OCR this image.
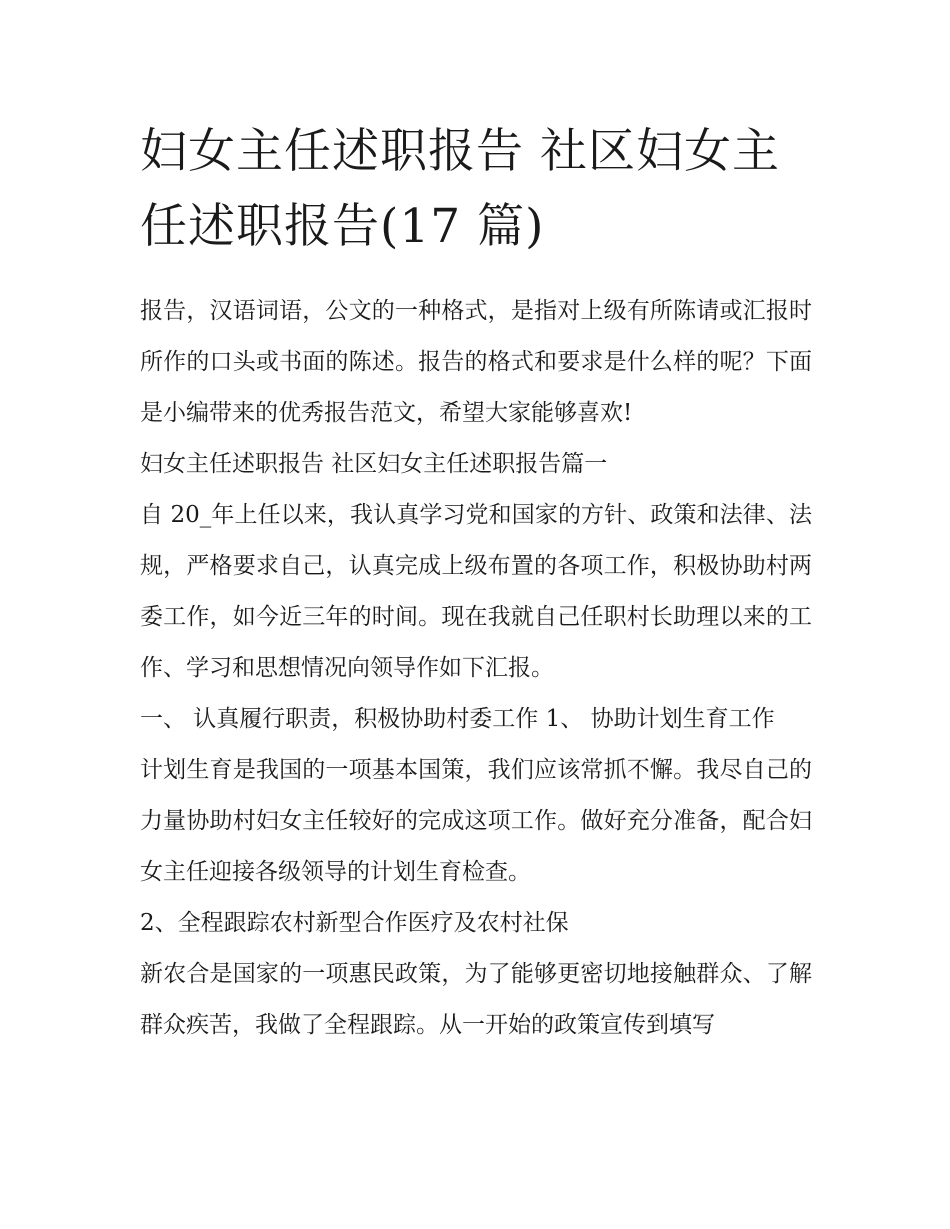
妇女主任述职报告 社区妇女主任述职报告(17 篇)

报告，汉语词语，公文的一种格式，是指对上级有所陈请或汇报时所作的口头或书面的陈述。报告的格式和要求是什么样的呢？下面是小编带来的优秀报告范文，希望大家能够喜欢!

妇女主任述职报告 社区妇女主任述职报告篇一

自 20_年上任以来，我认真学习党和国家的方针、政策和法律、法规，严格要求自己，认真完成上级布置的各项工作，积极协助村两委工作，如今近三年的时间。现在我就自己任职村长助理以来的工作、学习和思想情况向领导作如下汇报。

一、 认真履行职责，积极协助村委工作 1、 协助计划生育工作

计划生育是我国的一项基本国策，我们应该常抓不懈。我尽自己的力量协助村妇女主任较好的完成这项工作。做好充分准备，配合妇女主任迎接各级领导的计划生育检查。

2、全程跟踪农村新型合作医疗及农村社保

新农合是国家的一项惠民政策，为了能够更密切地接触群众、了解群众疾苦，我做了全程跟踪。从一开始的政策宣传到填写
